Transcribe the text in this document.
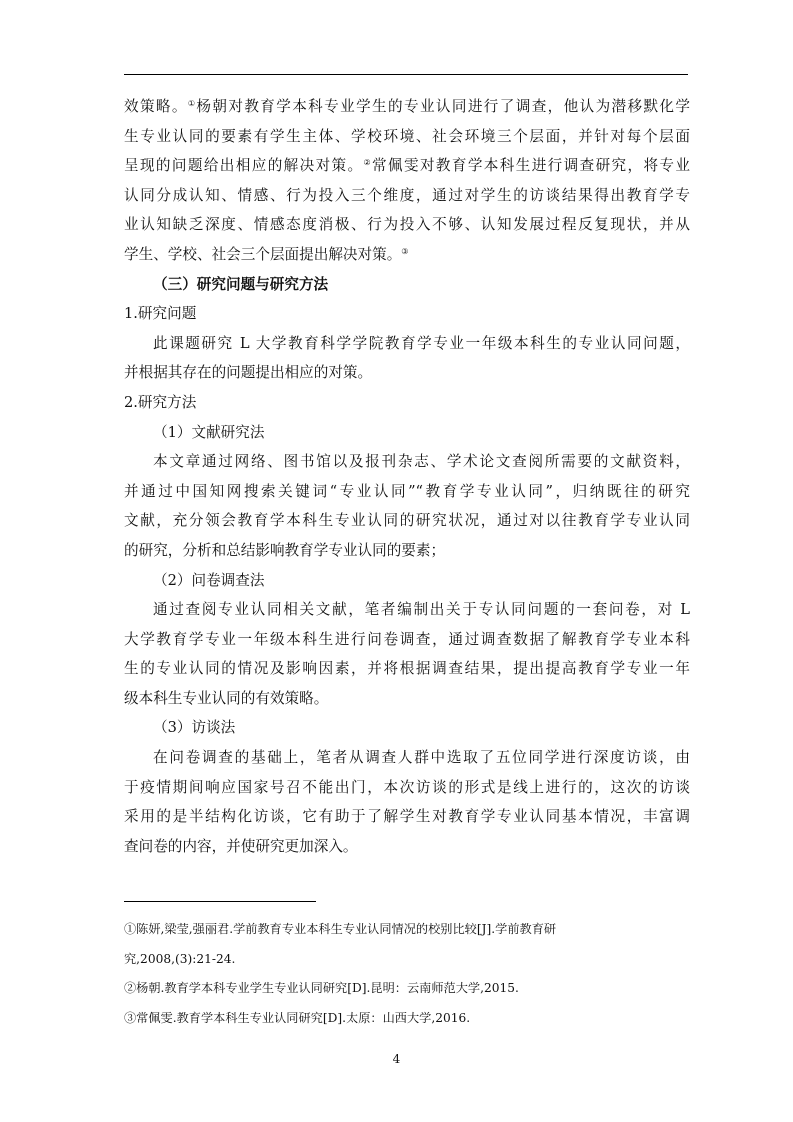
效策略。①杨朝对教育学本科专业学生的专业认同进行了调查，他认为潜移默化学
生专业认同的要素有学生主体、学校环境、社会环境三个层面，并针对每个层面
呈现的问题给出相应的解决对策。②常佩雯对教育学本科生进行调查研究，将专业
认同分成认知、情感、行为投入三个维度，通过对学生的访谈结果得出教育学专
业认知缺乏深度、情感态度消极、行为投入不够、认知发展过程反复现状，并从
学生、学校、社会三个层面提出解决对策。③
（三）研究问题与研究方法
1.研究问题
此课题研究 L 大学教育科学学院教育学专业一年级本科生的专业认同问题，
并根据其存在的问题提出相应的对策。
2.研究方法
（1）文献研究法
本文章通过网络、图书馆以及报刊杂志、学术论文查阅所需要的文献资料，
并通过中国知网搜索关键词“专业认同”“教育学专业认同”，归纳既往的研究
文献，充分领会教育学本科生专业认同的研究状况，通过对以往教育学专业认同
的研究，分析和总结影响教育学专业认同的要素；
（2）问卷调查法
通过查阅专业认同相关文献，笔者编制出关于专认同问题的一套问卷，对 L
大学教育学专业一年级本科生进行问卷调查，通过调查数据了解教育学专业本科
生的专业认同的情况及影响因素，并将根据调查结果，提出提高教育学专业一年
级本科生专业认同的有效策略。
（3）访谈法
在问卷调查的基础上，笔者从调查人群中选取了五位同学进行深度访谈，由
于疫情期间响应国家号召不能出门，本次访谈的形式是线上进行的，这次的访谈
采用的是半结构化访谈，它有助于了解学生对教育学专业认同基本情况，丰富调
查问卷的内容，并使研究更加深入。
①陈妍,梁莹,强丽君.学前教育专业本科生专业认同情况的校别比较[J].学前教育研
究,2008,(3):21-24.
②杨朝.教育学本科专业学生专业认同研究[D].昆明：云南师范大学,2015.
③常佩雯.教育学本科生专业认同研究[D].太原：山西大学,2016.
4
